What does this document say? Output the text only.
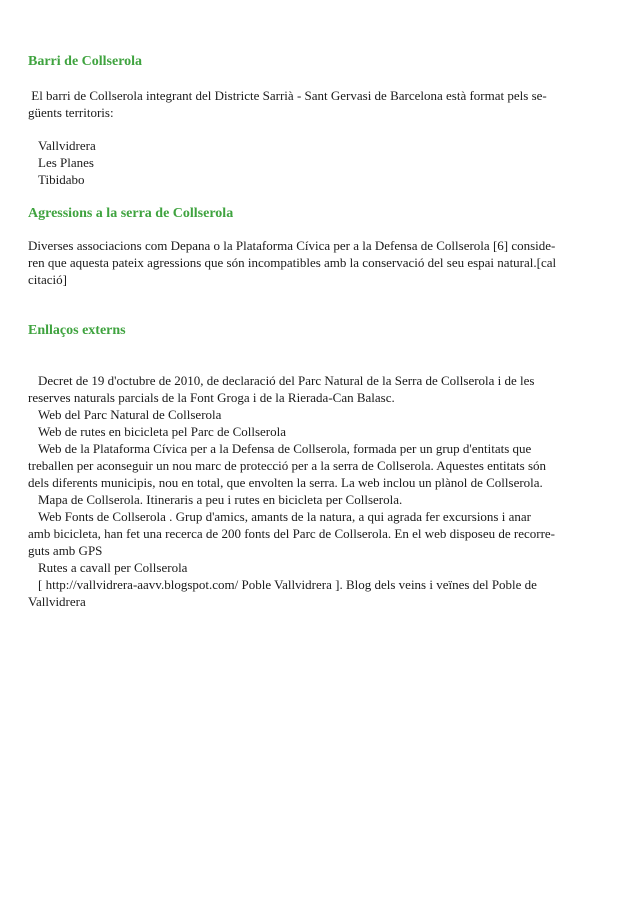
Barri de Collserola
El barri de Collserola integrant del Districte Sarrià - Sant Gervasi de Barcelona està format pels se-
güents territoris:
Vallvidrera
Les Planes
Tibidabo
Agressions a la serra de Collserola
Diverses associacions com Depana o la Plataforma Cívica per a la Defensa de Collserola [6] conside-
ren que aquesta pateix agressions que són incompatibles amb la conservació del seu espai natural.[cal
citació]
Enllaços externs
Decret de 19 d'octubre de 2010, de declaració del Parc Natural de la Serra de Collserola i de les
reserves naturals parcials de la Font Groga i de la Rierada-Can Balasc.
Web del Parc Natural de Collserola
Web de rutes en bicicleta pel Parc de Collserola
Web de la Plataforma Cívica per a la Defensa de Collserola, formada per un grup d'entitats que
treballen per aconseguir un nou marc de protecció per a la serra de Collserola. Aquestes entitats són
dels diferents municipis, nou en total, que envolten la serra. La web inclou un plànol de Collserola.
Mapa de Collserola. Itineraris a peu i rutes en bicicleta per Collserola.
Web Fonts de Collserola . Grup d'amics, amants de la natura, a qui agrada fer excursions i anar
amb bicicleta, han fet una recerca de 200 fonts del Parc de Collserola. En el web disposeu de recorre-
guts amb GPS
Rutes a cavall per Collserola
[ http://vallvidrera-aavv.blogspot.com/ Poble Vallvidrera ]. Blog dels veins i veïnes del Poble de
Vallvidrera
